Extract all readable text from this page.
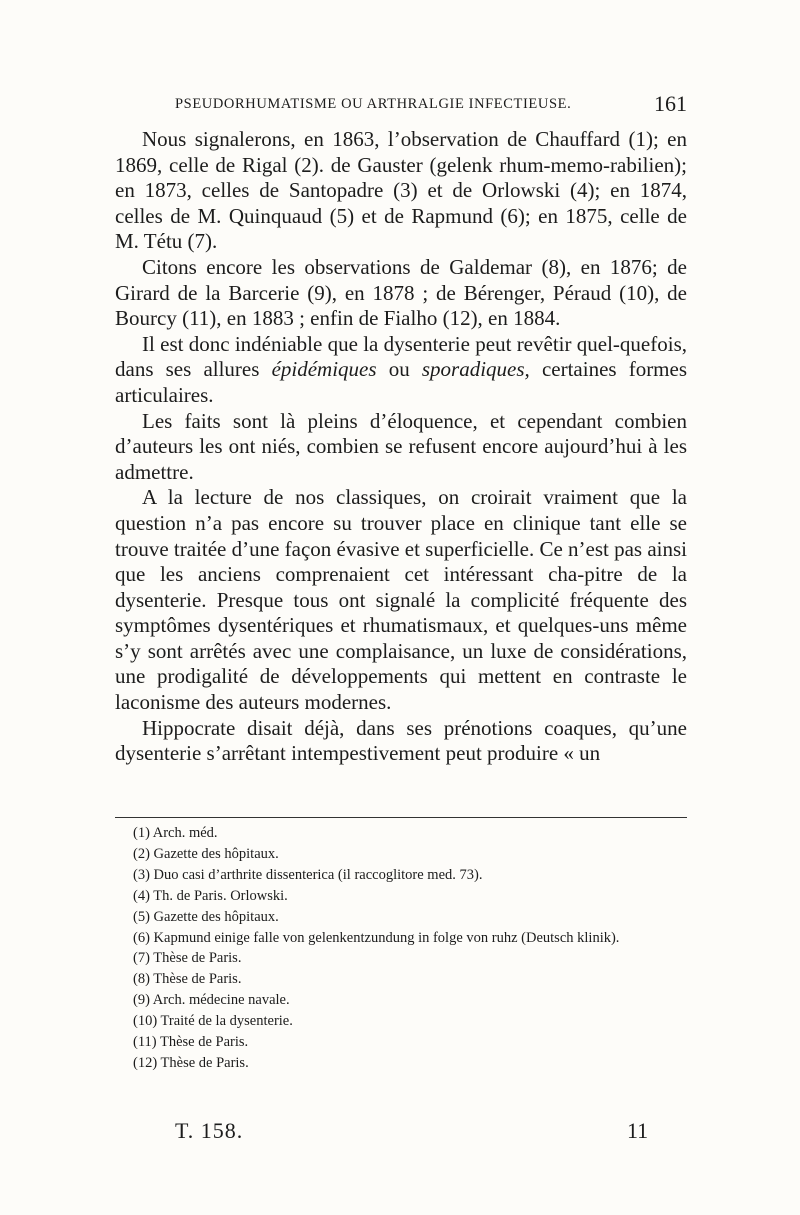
PSEUDORHUMATISME OU ARTHRALGIE INFECTIEUSE.	161

Nous signalerons, en 1863, l’observation de Chauffard (1); en 1869, celle de Rigal (2). de Gauster (gelenk rhum-memo-rabilien); en 1873, celles de Santopadre (3) et de Orlowski (4); en 1874, celles de M. Quinquaud (5) et de Rapmund (6); en 1875, celle de M. Tétu (7).

Citons encore les observations de Galdemar (8), en 1876; de Girard de la Barcerie (9), en 1878 ; de Bérenger, Péraud (10), de Bourcy (11), en 1883 ; enfin de Fialho (12), en 1884.

Il est donc indéniable que la dysenterie peut revêtir quel-quefois, dans ses allures épidémiques ou sporadiques, certaines formes articulaires.

Les faits sont là pleins d’éloquence, et cependant combien d’auteurs les ont niés, combien se refusent encore aujourd’hui à les admettre.

A la lecture de nos classiques, on croirait vraiment que la question n’a pas encore su trouver place en clinique tant elle se trouve traitée d’une façon évasive et superficielle. Ce n’est pas ainsi que les anciens comprenaient cet intéressant cha-pitre de la dysenterie. Presque tous ont signalé la complicité fréquente des symptômes dysentériques et rhumatismaux, et quelques-uns même s’y sont arrêtés avec une complaisance, un luxe de considérations, une prodigalité de développements qui mettent en contraste le laconisme des auteurs modernes.

Hippocrate disait déjà, dans ses prénotions coaques, qu’une dysenterie s’arrêtant intempestivement peut produire « un

(1) Arch. méd.

(2) Gazette des hôpitaux.

(3) Duo casi d’arthrite dissenterica (il raccoglitore med. 73).

(4) Th. de Paris. Orlowski.

(5) Gazette des hôpitaux.

(6) Kapmund einige falle von gelenkentzundung in folge von ruhz (Deutsch klinik).

(7) Thèse de Paris.

(8) Thèse de Paris.

(9) Arch. médecine navale.

(10) Traité de la dysenterie.

(11) Thèse de Paris.

(12) Thèse de Paris.

T. 158.	11
